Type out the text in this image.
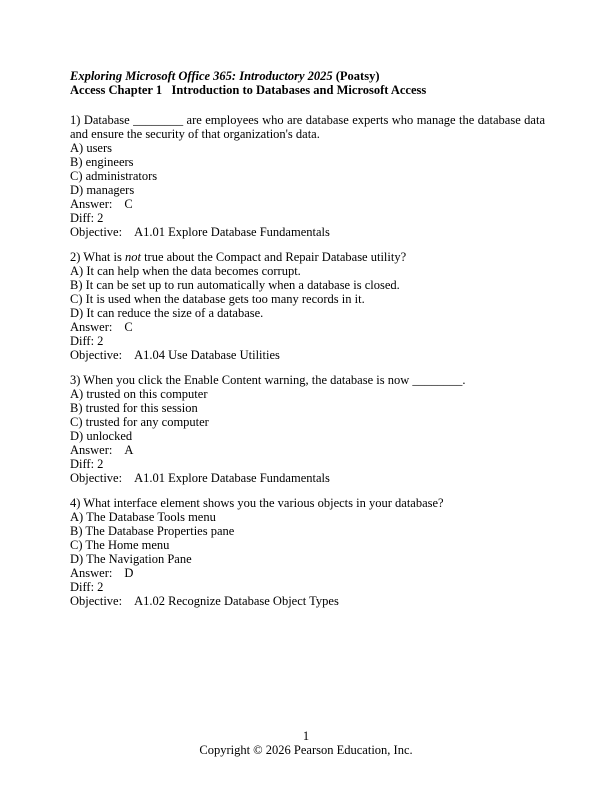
Exploring Microsoft Office 365: Introductory 2025 (Poatsy)
Access Chapter 1   Introduction to Databases and Microsoft Access
1) Database ________ are employees who are database experts who manage the database data and ensure the security of that organization's data.
A) users
B) engineers
C) administrators
D) managers
Answer: C
Diff: 2
Objective: A1.01 Explore Database Fundamentals
2) What is not true about the Compact and Repair Database utility?
A) It can help when the data becomes corrupt.
B) It can be set up to run automatically when a database is closed.
C) It is used when the database gets too many records in it.
D) It can reduce the size of a database.
Answer: C
Diff: 2
Objective: A1.04 Use Database Utilities
3) When you click the Enable Content warning, the database is now ________.
A) trusted on this computer
B) trusted for this session
C) trusted for any computer
D) unlocked
Answer: A
Diff: 2
Objective: A1.01 Explore Database Fundamentals
4) What interface element shows you the various objects in your database?
A) The Database Tools menu
B) The Database Properties pane
C) The Home menu
D) The Navigation Pane
Answer: D
Diff: 2
Objective: A1.02 Recognize Database Object Types
1
Copyright © 2026 Pearson Education, Inc.
